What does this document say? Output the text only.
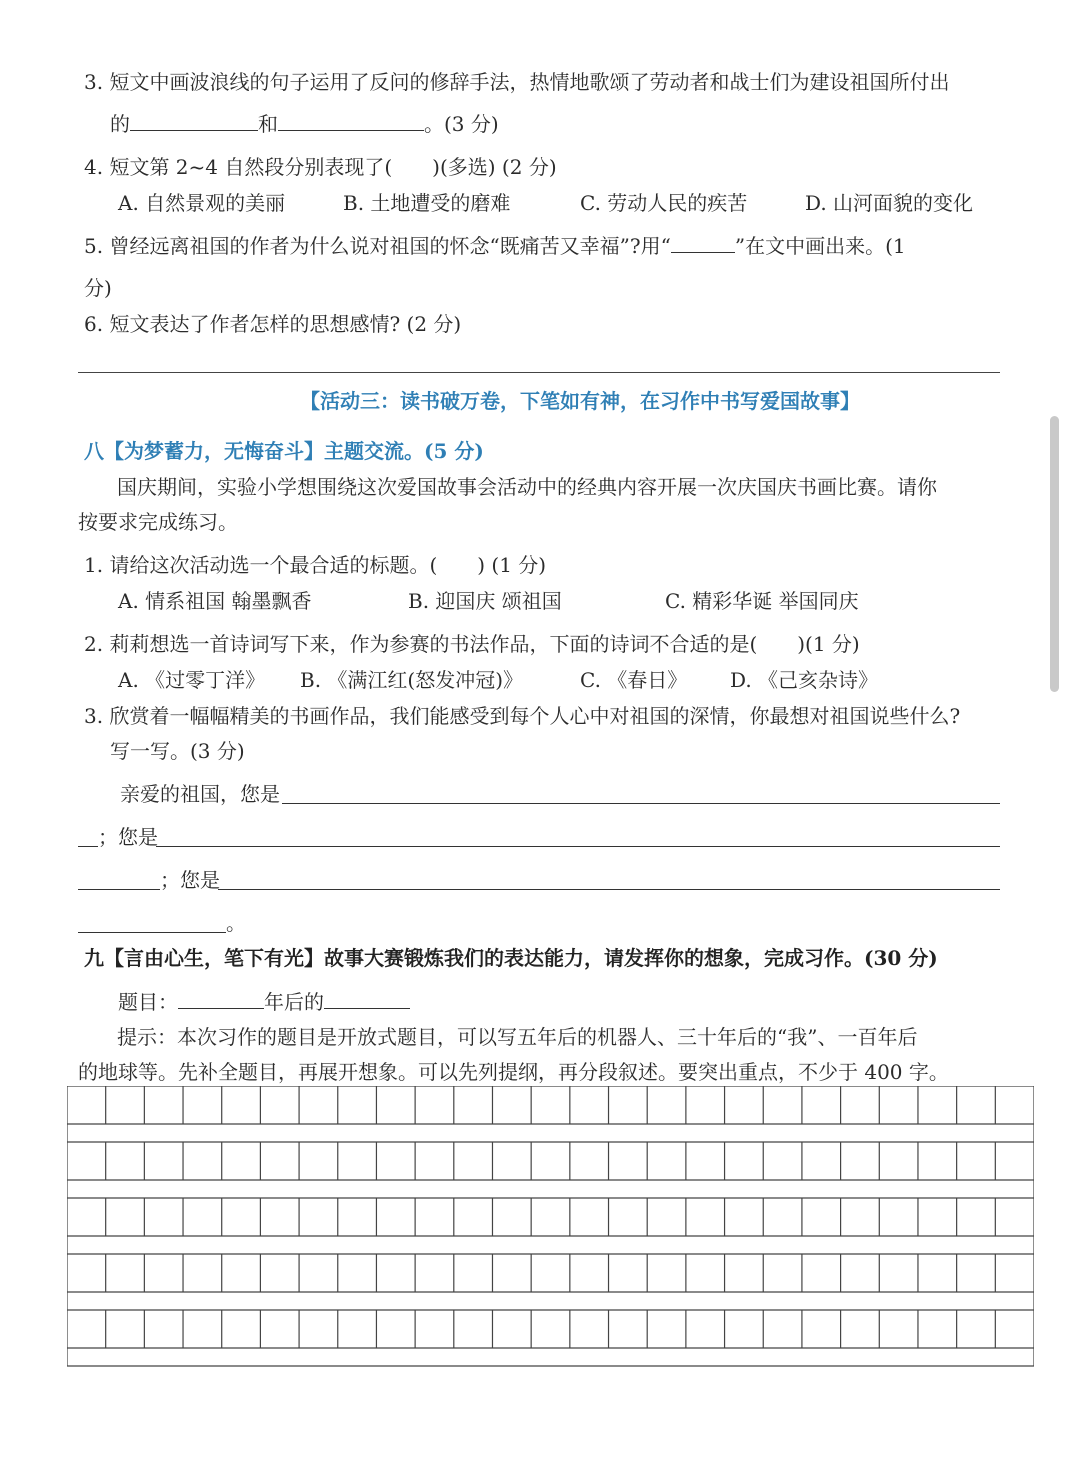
3. 短文中画波浪线的句子运用了反问的修辞手法，热情地歌颂了劳动者和战士们为建设祖国所付出
的	和	。(3 分)
4. 短文第 2~4 自然段分别表现了(　　)(多选) (2 分)
A. 自然景观的美丽	B. 土地遭受的磨难	C. 劳动人民的疾苦	D. 山河面貌的变化
5. 曾经远离祖国的作者为什么说对祖国的怀念“既痛苦又幸福”?用“	”在文中画出来。(1
分)
6. 短文表达了作者怎样的思想感情? (2 分)
【活动三：读书破万卷，下笔如有神，在习作中书写爱国故事】
八【为梦蓄力，无悔奋斗】主题交流。(5 分)
国庆期间，实验小学想围绕这次爱国故事会活动中的经典内容开展一次庆国庆书画比赛。请你
按要求完成练习。
1. 请给这次活动选一个最合适的标题。(　　) (1 分)
A. 情系祖国 翰墨飘香	B. 迎国庆 颂祖国	C. 精彩华诞 举国同庆
2. 莉莉想选一首诗词写下来，作为参赛的书法作品，下面的诗词不合适的是(　　)(1 分)
A. 《过零丁洋》 B. 《满江红(怒发冲冠)》	C. 《春日》 D. 《己亥杂诗》
3. 欣赏着一幅幅精美的书画作品，我们能感受到每个人心中对祖国的深情，你最想对祖国说些什么?
写一写。(3 分)
亲爱的祖国，您是
；您是
；您是
。
九【言由心生，笔下有光】故事大赛锻炼我们的表达能力，请发挥你的想象，完成习作。(30 分)
题目：	年后的
提示：本次习作的题目是开放式题目，可以写五年后的机器人、三十年后的“我”、一百年后
的地球等。先补全题目，再展开想象。可以先列提纲，再分段叙述。要突出重点，不少于 400 字。
